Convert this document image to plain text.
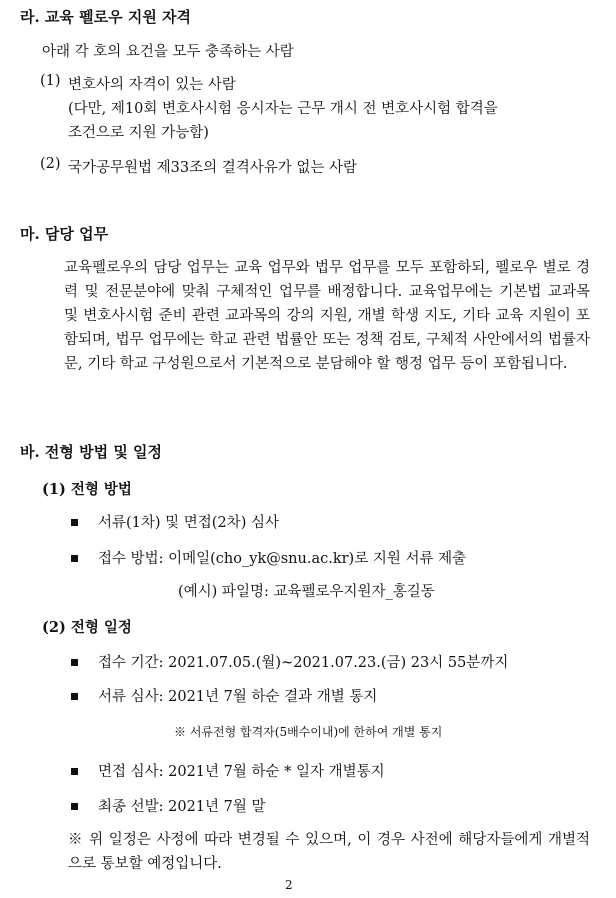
라. 교육 펠로우 지원 자격
아래 각 호의 요건을 모두 충족하는 사람
(1) 변호사의 자격이 있는 사람
(다만, 제10회 변호사시험 응시자는 근무 개시 전 변호사시험 합격을
조건으로 지원 가능함)
(2) 국가공무원법 제33조의 결격사유가 없는 사람
마. 담당 업무
교육펠로우의 담당 업무는 교육 업무와 법무 업무를 모두 포함하되, 펠로우 별로 경력 및 전문분야에 맞춰 구체적인 업무를 배정합니다. 교육업무에는 기본법 교과목 및 변호사시험 준비 관련 교과목의 강의 지원, 개별 학생 지도, 기타 교육 지원이 포함되며, 법무 업무에는 학교 관련 법률안 또는 정책 검토, 구체적 사안에서의 법률자문, 기타 학교 구성원으로서 기본적으로 분담해야 할 행정 업무 등이 포함됩니다.
바. 전형 방법 및 일정
(1) 전형 방법
서류(1차) 및 면접(2차) 심사
접수 방법: 이메일(cho_yk@snu.ac.kr)로 지원 서류 제출
(예시) 파일명: 교육펠로우지원자_홍길동
(2) 전형 일정
접수 기간: 2021.07.05.(월)~2021.07.23.(금) 23시 55분까지
서류 심사: 2021년 7월 하순 결과 개별 통지
※ 서류전형 합격자(5배수이내)에 한하여 개별 통지
면접 심사: 2021년 7월 하순 * 일자 개별통지
최종 선발: 2021년 7월 말
※ 위 일정은 사정에 따라 변경될 수 있으며, 이 경우 사전에 해당자들에게 개별적으로 통보할 예정입니다.
2
